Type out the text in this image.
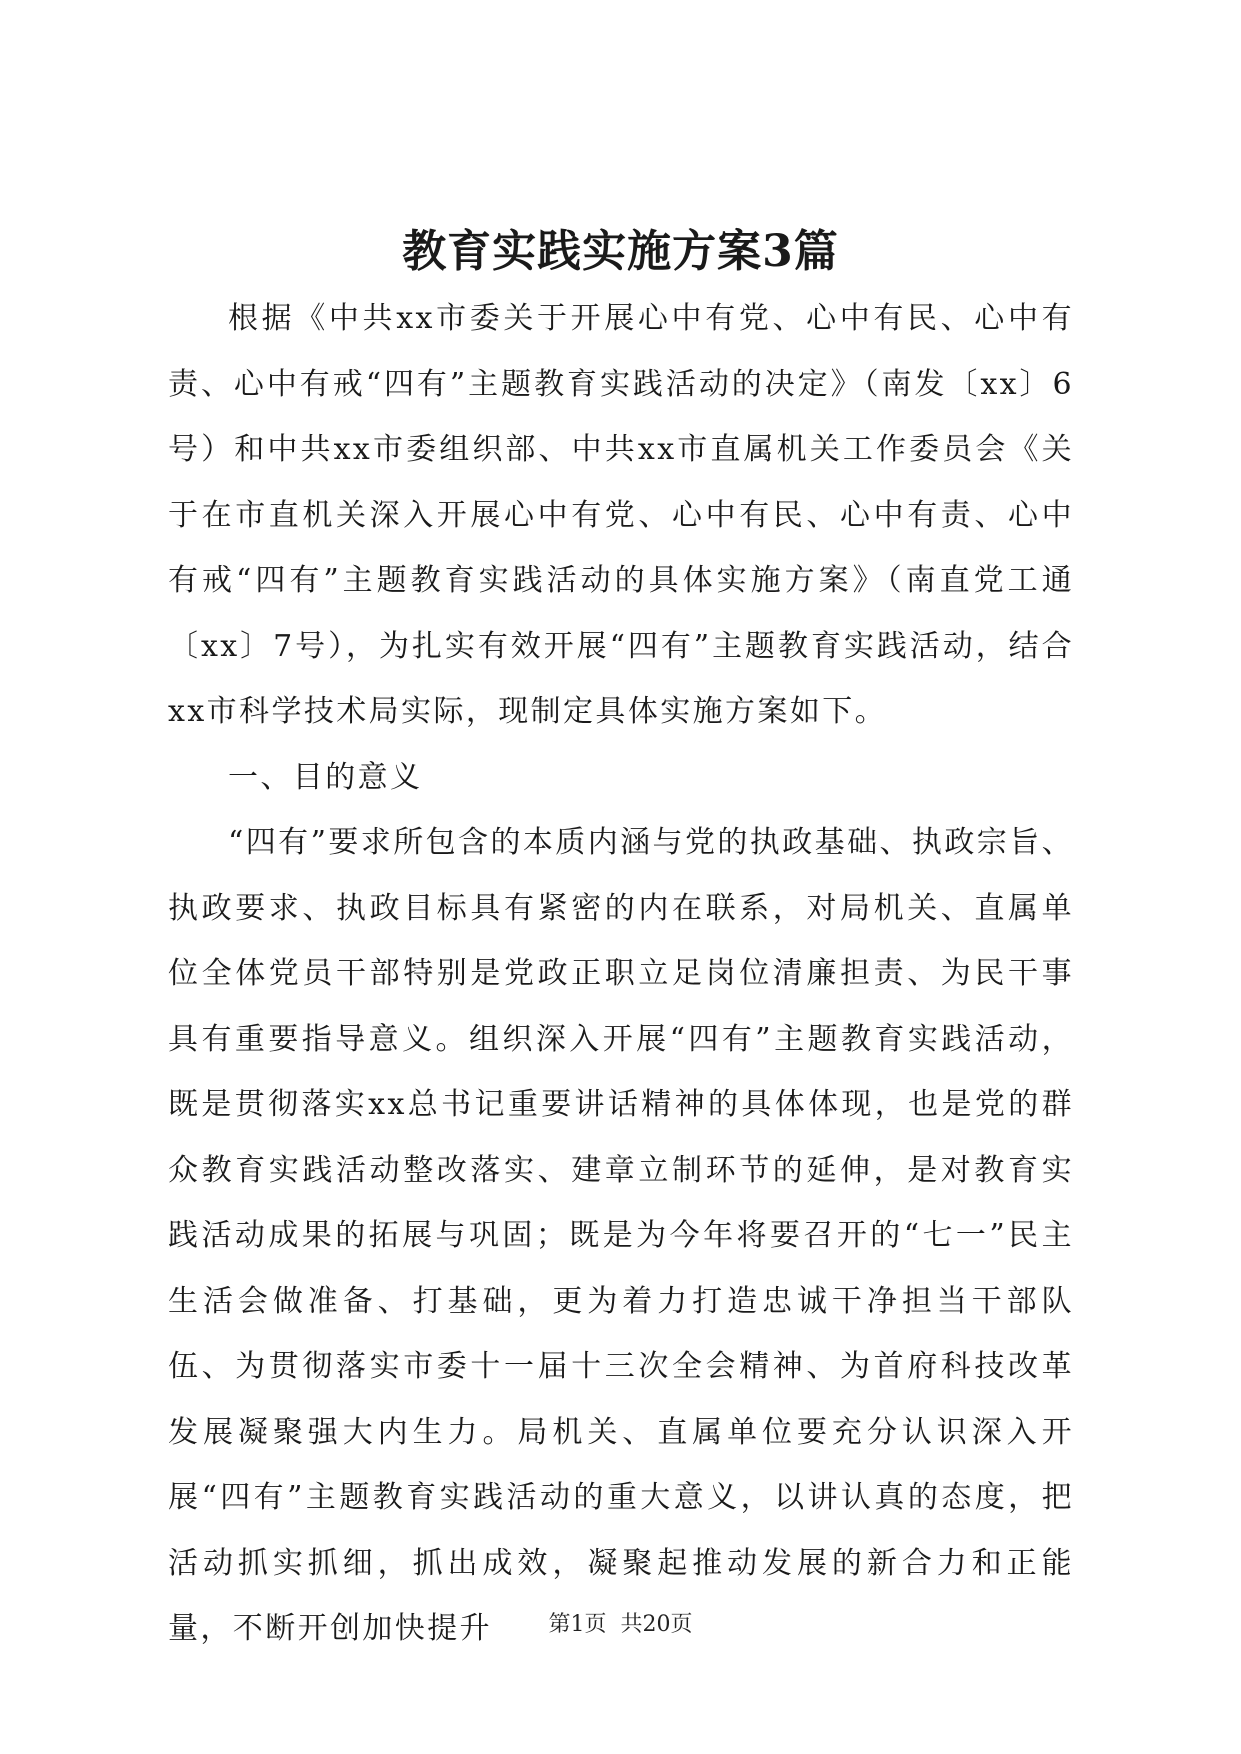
教育实践实施方案3篇

根据《中共xx市委关于开展心中有党、心中有民、心中有责、心中有戒“四有”主题教育实践活动的决定》（南发〔xx〕6号）和中共xx市委组织部、中共xx市直属机关工作委员会《关于在市直机关深入开展心中有党、心中有民、心中有责、心中有戒“四有”主题教育实践活动的具体实施方案》（南直党工通〔xx〕7号），为扎实有效开展“四有”主题教育实践活动，结合xx市科学技术局实际，现制定具体实施方案如下。

一、目的意义

“四有”要求所包含的本质内涵与党的执政基础、执政宗旨、执政要求、执政目标具有紧密的内在联系，对局机关、直属单位全体党员干部特别是党政正职立足岗位清廉担责、为民干事具有重要指导意义。组织深入开展“四有”主题教育实践活动，既是贯彻落实xx总书记重要讲话精神的具体体现，也是党的群众教育实践活动整改落实、建章立制环节的延伸，是对教育实践活动成果的拓展与巩固；既是为今年将要召开的“七一”民主生活会做准备、打基础，更为着力打造忠诚干净担当干部队伍、为贯彻落实市委十一届十三次全会精神、为首府科技改革发展凝聚强大内生力。局机关、直属单位要充分认识深入开展“四有”主题教育实践活动的重大意义，以讲认真的态度，把活动抓实抓细，抓出成效，凝聚起推动发展的新合力和正能量，不断开创加快提升	第1页 共20页
